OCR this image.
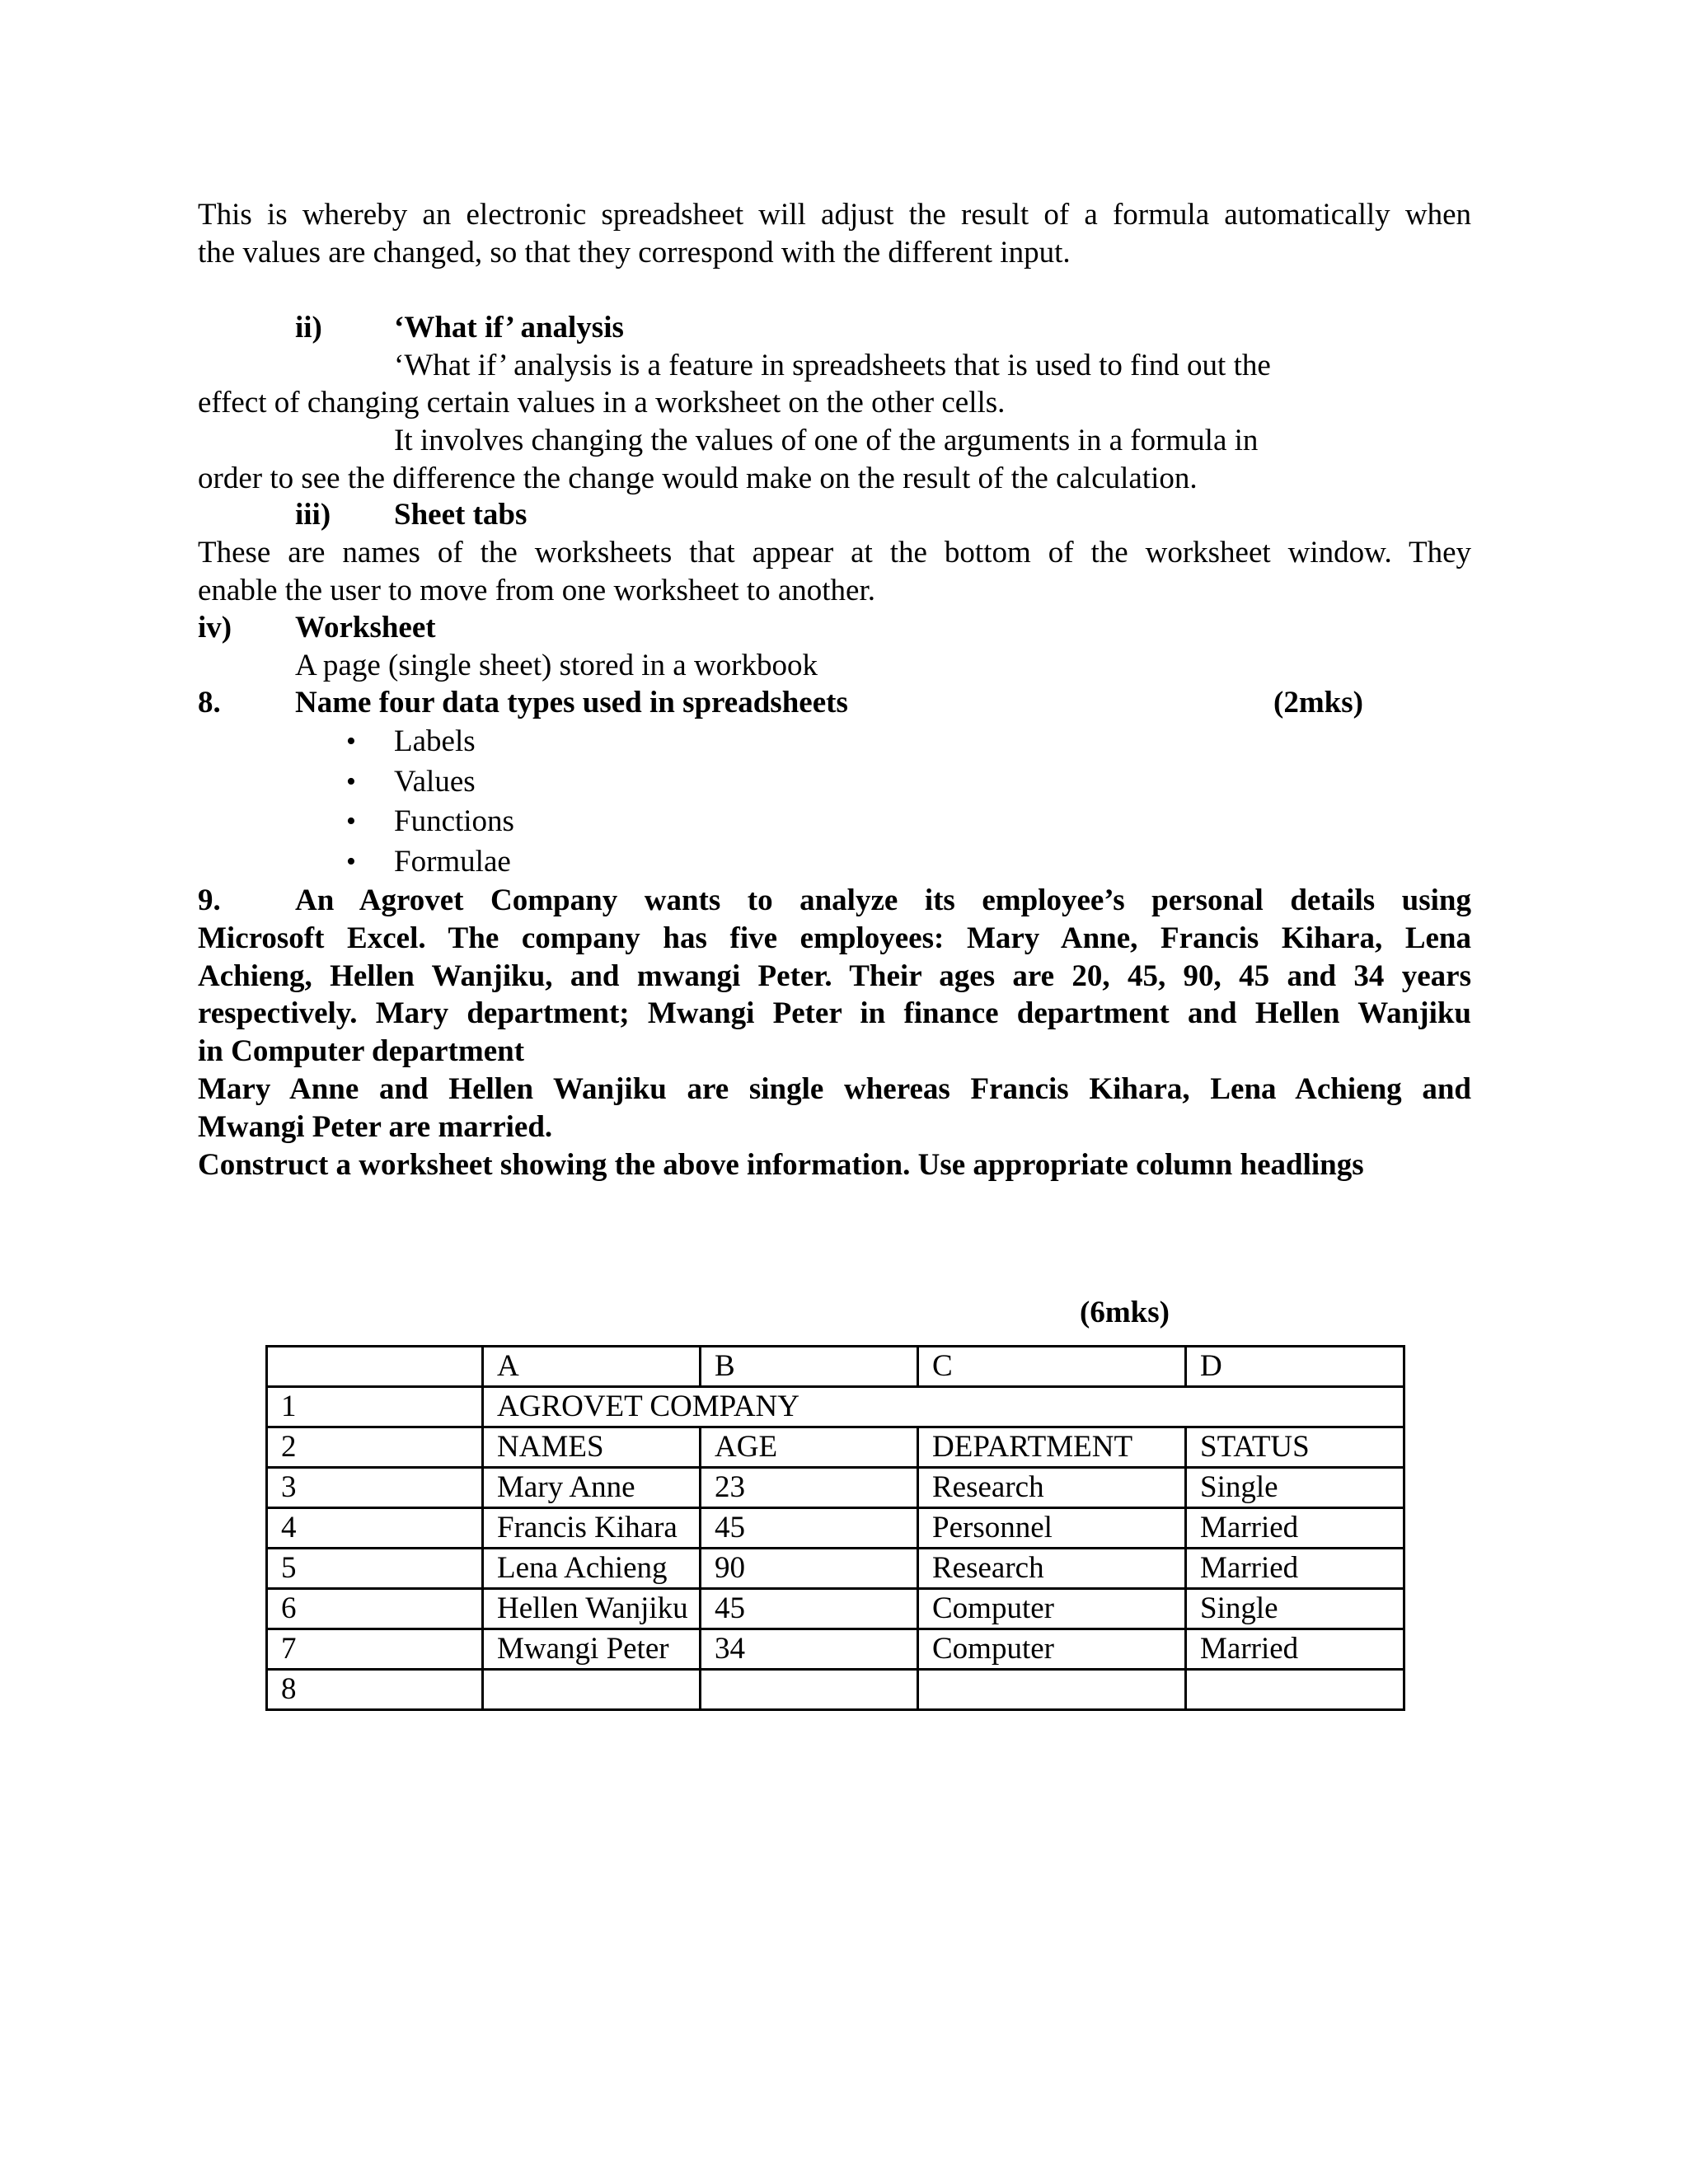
This is whereby an electronic spreadsheet will adjust the result of a formula automatically when
the values are changed, so that they correspond with the different input.
ii) ‘What if’ analysis
‘What if’ analysis is a feature in spreadsheets that is used to find out the
effect of changing certain values in a worksheet on the other cells.
It involves changing the values of one of the arguments in a formula in
order to see the difference the change would make on the result of the calculation.
iii) Sheet tabs
These are names of the worksheets that appear at the bottom of the worksheet window. They
enable the user to move from one worksheet to another.
iv) Worksheet
A page (single sheet) stored in a workbook
8. Name four data types used in spreadsheets	(2mks)
• Labels
• Values
• Functions
• Formulae
9. An Agrovet Company wants to analyze its employee’s personal details using
Microsoft Excel. The company has five employees: Mary Anne, Francis Kihara, Lena
Achieng, Hellen Wanjiku, and mwangi Peter. Their ages are 20, 45, 90, 45 and 34 years
respectively. Mary department; Mwangi Peter in finance department and Hellen Wanjiku
in Computer department
Mary Anne and Hellen Wanjiku are single whereas Francis Kihara, Lena Achieng and
Mwangi Peter are married.
Construct a worksheet showing the above information. Use appropriate column headlings
(6mks)
	A	B	C	D
1	AGROVET COMPANY			
2	NAMES	AGE	DEPARTMENT	STATUS
3	Mary Anne	23	Research	Single
4	Francis Kihara	45	Personnel	Married
5	Lena Achieng	90	Research	Married
6	Hellen Wanjiku	45	Computer	Single
7	Mwangi Peter	34	Computer	Married
8				
